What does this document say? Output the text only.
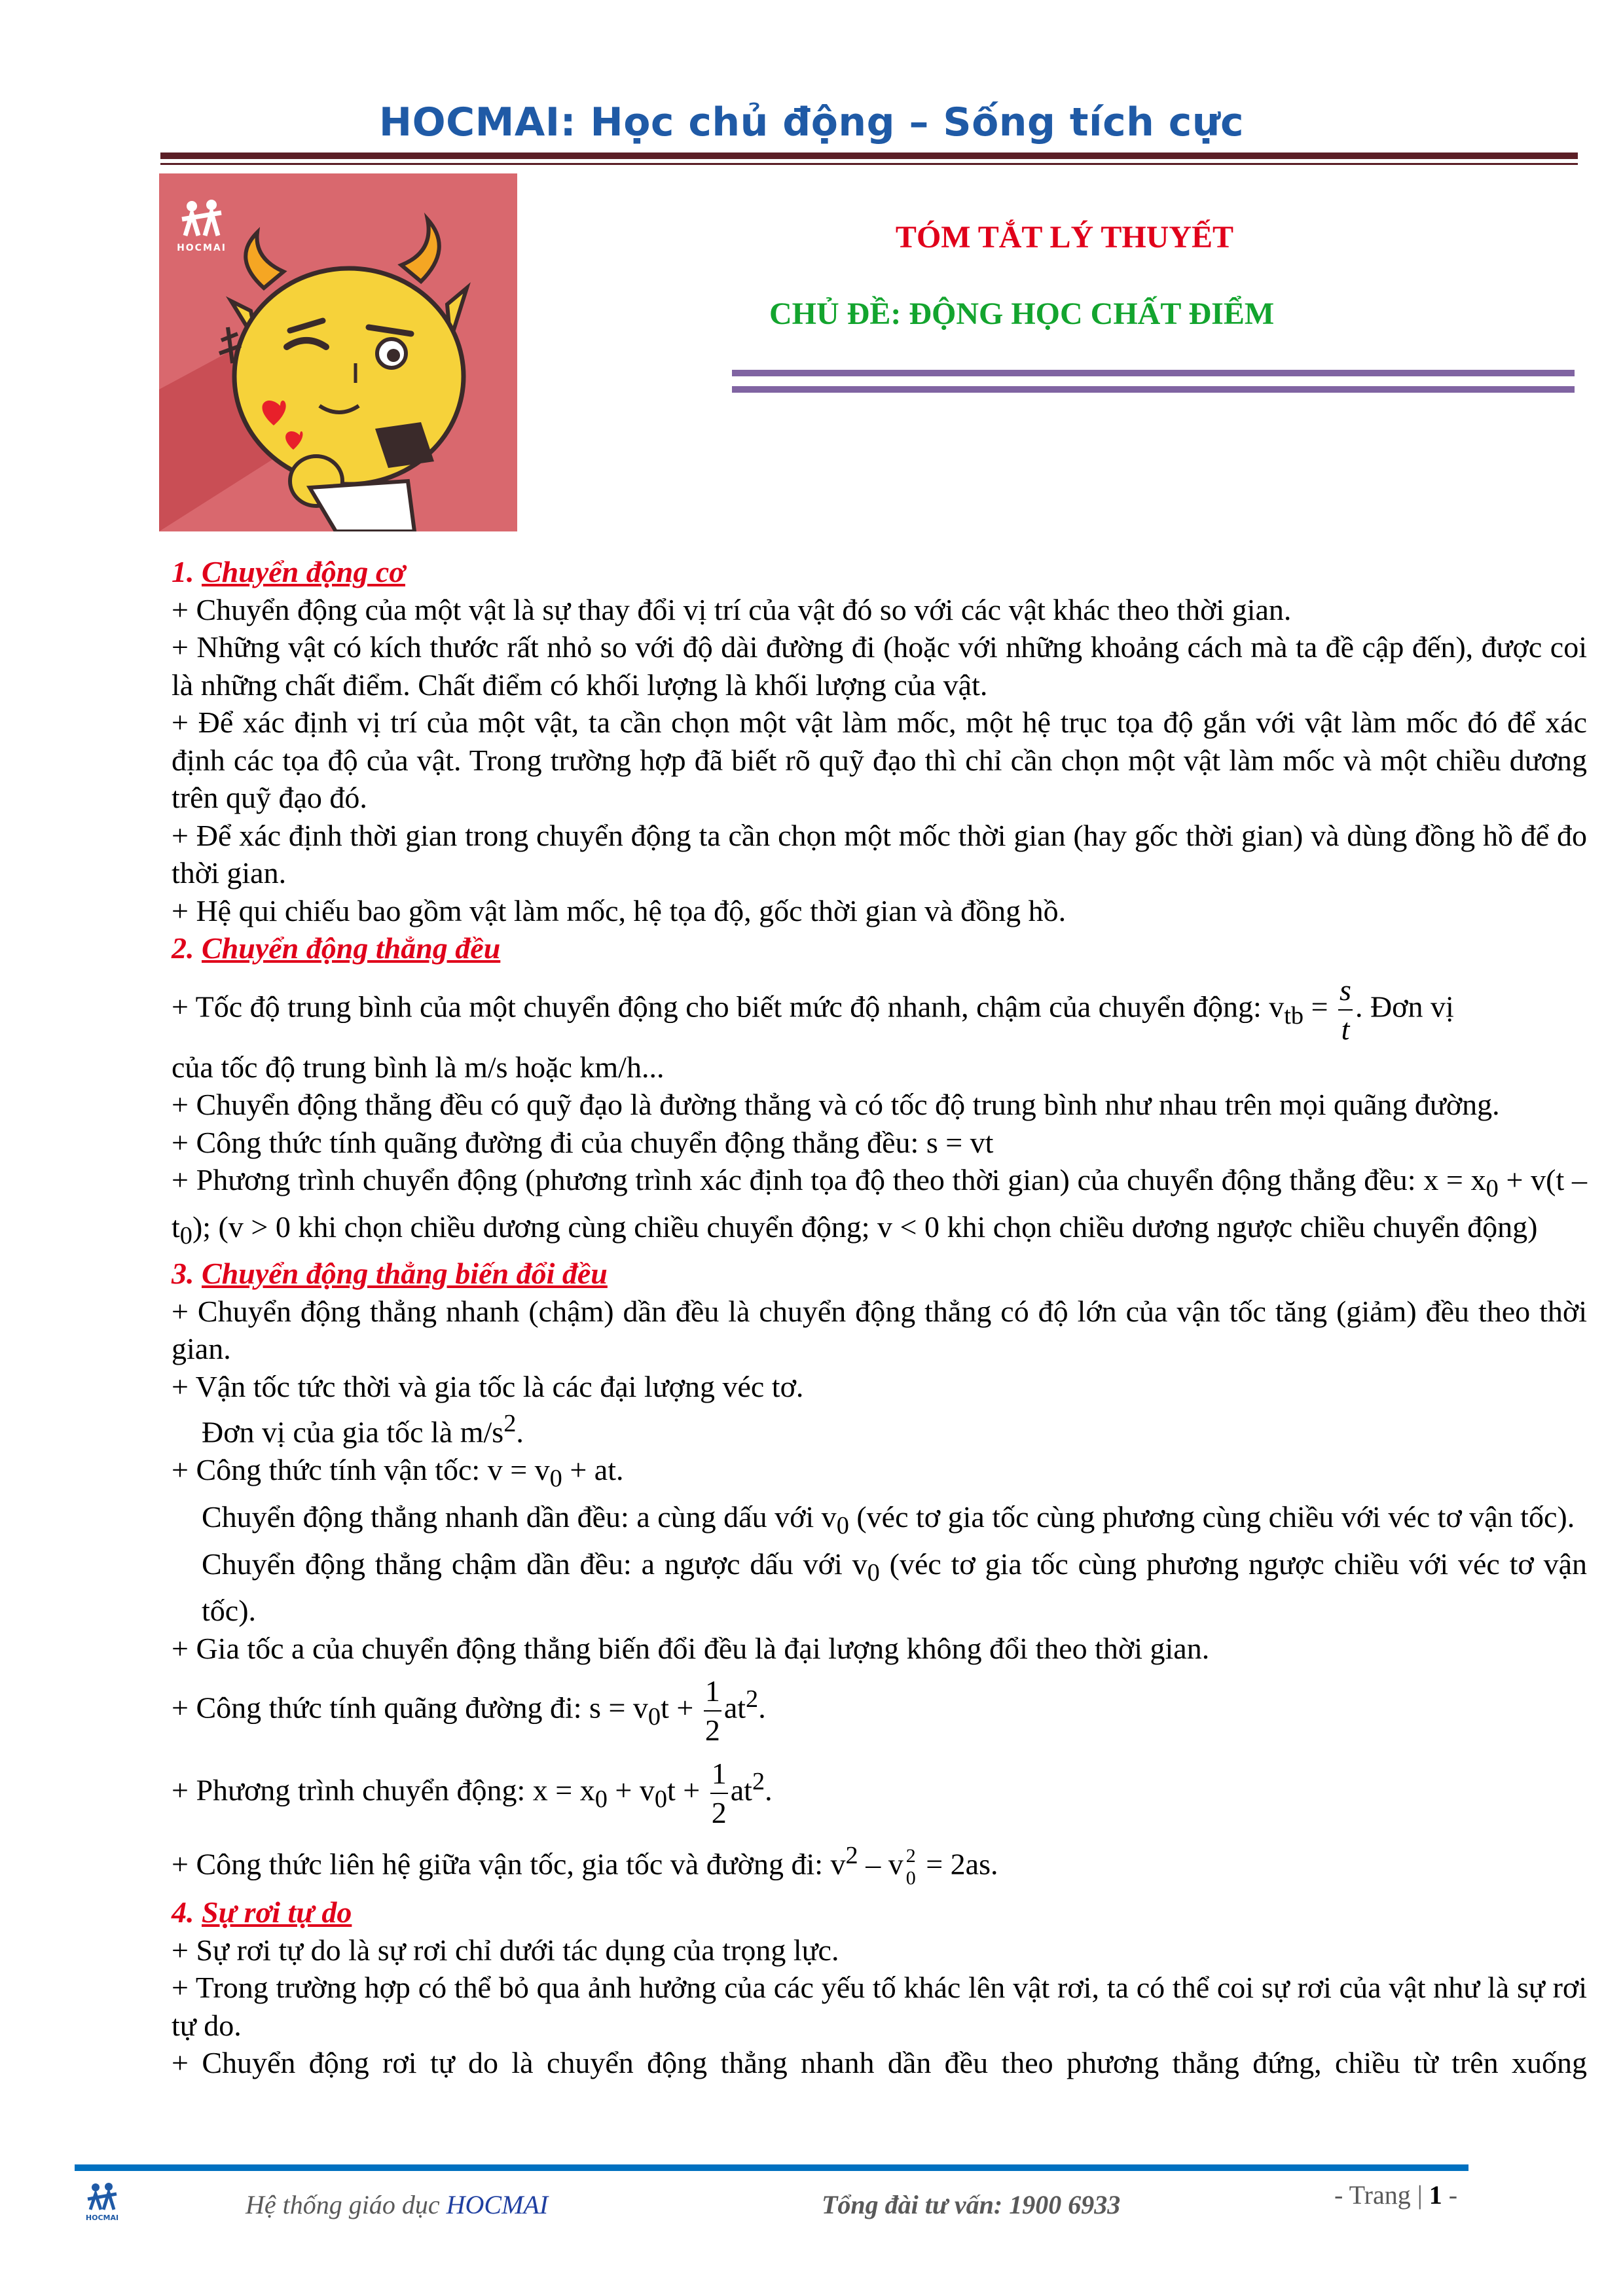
HOCMAI: Học chủ động – Sống tích cực
HOCMAI	TÓM TẮT LÝ THUYẾT
CHỦ ĐỀ: ĐỘNG HỌC CHẤT ĐIỂM

1. Chuyển động cơ

+ Chuyển động của một vật là sự thay đổi vị trí của vật đó so với các vật khác theo thời gian.

+ Những vật có kích thước rất nhỏ so với độ dài đường đi (hoặc với những khoảng cách mà ta đề cập đến), được coi là những chất điểm. Chất điểm có khối lượng là khối lượng của vật.

+ Để xác định vị trí của một vật, ta cần chọn một vật làm mốc, một hệ trục tọa độ gắn với vật làm mốc đó để xác định các tọa độ của vật. Trong trường hợp đã biết rõ quỹ đạo thì chỉ cần chọn một vật làm mốc và một chiều dương trên quỹ đạo đó.

+ Để xác định thời gian trong chuyển động ta cần chọn một mốc thời gian (hay gốc thời gian) và dùng đồng hồ để đo thời gian.

+ Hệ qui chiếu bao gồm vật làm mốc, hệ tọa độ, gốc thời gian và đồng hồ.

2. Chuyển động thẳng đều

+ Tốc độ trung bình của một chuyển động cho biết mức độ nhanh, chậm của chuyển động: $v_{tb} = \frac{s}{t}$ . Đơn vị

của tốc độ trung bình là m/s hoặc km/h...

+ Chuyển động thẳng đều có quỹ đạo là đường thẳng và có tốc độ trung bình như nhau trên mọi quãng đường.

+ Công thức tính quãng đường đi của chuyển động thẳng đều: s = vt

+ Phương trình chuyển động (phương trình xác định tọa độ theo thời gian) của chuyển động thẳng đều: $x = x_0 + v(t - t_0)$; (v > 0 khi chọn chiều dương cùng chiều chuyển động; v < 0 khi chọn chiều dương ngược chiều chuyển động)

3. Chuyển động thẳng biến đổi đều

+ Chuyển động thẳng nhanh (chậm) dần đều là chuyển động thẳng có độ lớn của vận tốc tăng (giảm) đều theo thời gian.

+ Vận tốc tức thời và gia tốc là các đại lượng véc tơ.

Đơn vị của gia tốc là $m/s^2$.

+ Công thức tính vận tốc: $v = v_0$ + at.

Chuyển động thẳng nhanh dần đều: a cùng dấu với $v_0$ (véc tơ gia tốc cùng phương cùng chiều với véc tơ vận tốc).

Chuyển động thẳng chậm dần đều: a ngược dấu với $v_0$ (véc tơ gia tốc cùng phương ngược chiều với véc tơ vận tốc).

+ Gia tốc a của chuyển động thẳng biến đổi đều là đại lượng không đổi theo thời gian.

+ Công thức tính quãng đường đi: $s = v_0t + \frac{1}{2} at^2$.

+ Phương trình chuyển động: $x = x_0 + v_0t + \frac{1}{2} at^2$.

+ Công thức liên hệ giữa vận tốc, gia tốc và đường đi: $v^2$ – v 2
0 = 2as.

4. Sự rơi tự do

+ Sự rơi tự do là sự rơi chỉ dưới tác dụng của trọng lực.

+ Trong trường hợp có thể bỏ qua ảnh hưởng của các yếu tố khác lên vật rơi, ta có thể coi sự rơi của vật như là sự rơi tự do.

+ Chuyển động rơi tự do là chuyển động thẳng nhanh dần đều theo phương thẳng đứng, chiều từ trên xuống

HOCMAI	Hệ thống giáo dục HOCMAI	Tổng đài tư vấn: 1900 6933	- Trang | 1 -
